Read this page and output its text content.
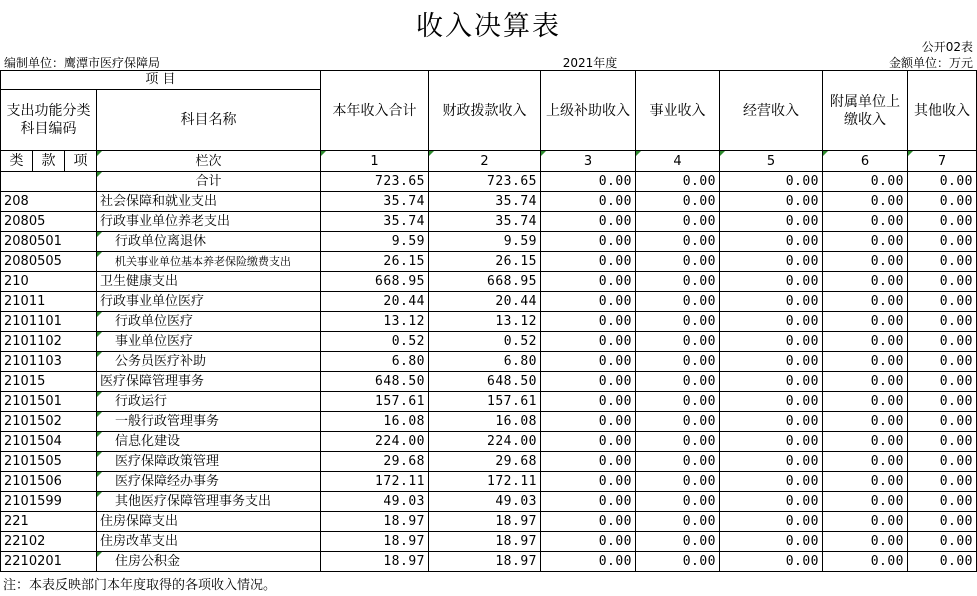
收入决算表
公开02表
编制单位：鹰潭市医疗保障局	2021年度	金额单位：万元
项 目				本年收入合计	财政拨款收入	上级补助收入	事业收入	经营收入	附属单位上缴收入	其他收入
支出功能分类科目编码			科目名称							
类	款	项								
			栏次	1	2	3	4	5	6	7
			合计	723.65	723.65	0.00	0.00	0.00	0.00	0.00
208			社会保障和就业支出	35.74	35.74	0.00	0.00	0.00	0.00	0.00
20805			行政事业单位养老支出	35.74	35.74	0.00	0.00	0.00	0.00	0.00
2080501			行政单位离退休	9.59	9.59	0.00	0.00	0.00	0.00	0.00
2080505			机关事业单位基本养老保险缴费支出	26.15	26.15	0.00	0.00	0.00	0.00	0.00
210			卫生健康支出	668.95	668.95	0.00	0.00	0.00	0.00	0.00
21011			行政事业单位医疗	20.44	20.44	0.00	0.00	0.00	0.00	0.00
2101101			行政单位医疗	13.12	13.12	0.00	0.00	0.00	0.00	0.00
2101102			事业单位医疗	0.52	0.52	0.00	0.00	0.00	0.00	0.00
2101103			公务员医疗补助	6.80	6.80	0.00	0.00	0.00	0.00	0.00
21015			医疗保障管理事务	648.50	648.50	0.00	0.00	0.00	0.00	0.00
2101501			行政运行	157.61	157.61	0.00	0.00	0.00	0.00	0.00
2101502			一般行政管理事务	16.08	16.08	0.00	0.00	0.00	0.00	0.00
2101504			信息化建设	224.00	224.00	0.00	0.00	0.00	0.00	0.00
2101505			医疗保障政策管理	29.68	29.68	0.00	0.00	0.00	0.00	0.00
2101506			医疗保障经办事务	172.11	172.11	0.00	0.00	0.00	0.00	0.00
2101599			其他医疗保障管理事务支出	49.03	49.03	0.00	0.00	0.00	0.00	0.00
221			住房保障支出	18.97	18.97	0.00	0.00	0.00	0.00	0.00
22102			住房改革支出	18.97	18.97	0.00	0.00	0.00	0.00	0.00
2210201			住房公积金	18.97	18.97	0.00	0.00	0.00	0.00	0.00
注：本表反映部门本年度取得的各项收入情况。
